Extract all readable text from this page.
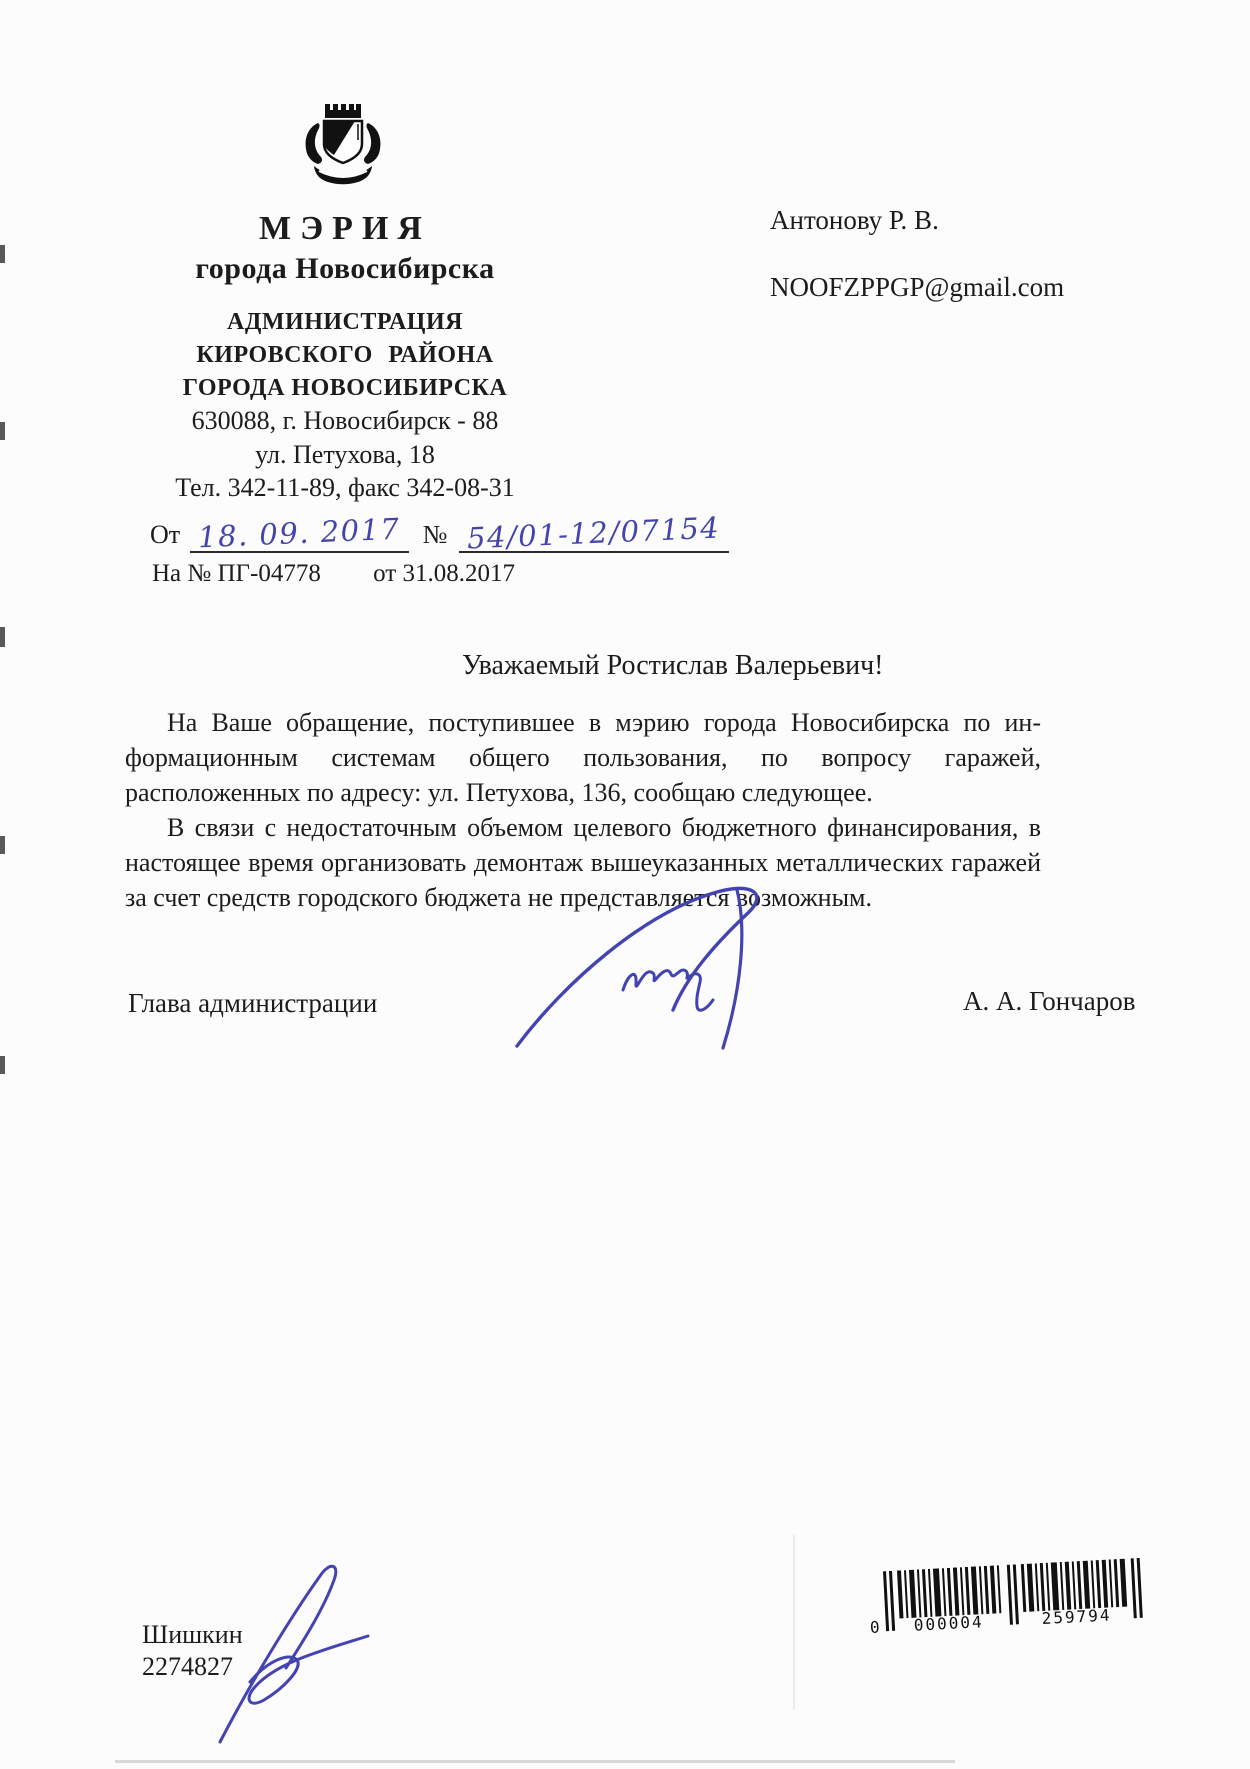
МЭРИЯ
города Новосибирска
АДМИНИСТРАЦИЯ
КИРОВСКОГО РАЙОНА
ГОРОДА НОВОСИБИРСКА
630088, г. Новосибирск - 88
ул. Петухова, 18
Тел. 342-11-89, факс 342-08-31
От 18. 09. 2017 № 54/01-12/07154
На № ПГ-04778 от 31.08.2017
Антонову Р. В.
NOOFZPPGP@gmail.com
Уважаемый Ростислав Валерьевич!
На Ваше обращение, поступившее в мэрию города Новосибирска по ин-
формационным системам общего пользования, по вопросу гаражей,
расположенных по адресу: ул. Петухова, 136, сообщаю следующее.
В связи с недостаточным объемом целевого бюджетного финансирования, в
настоящее время организовать демонтаж вышеуказанных металлических гаражей
за счет средств городского бюджета не представляется возможным.
Глава администрации	А. А. Гончаров
Шишкин
2274827
0 000004	259794
